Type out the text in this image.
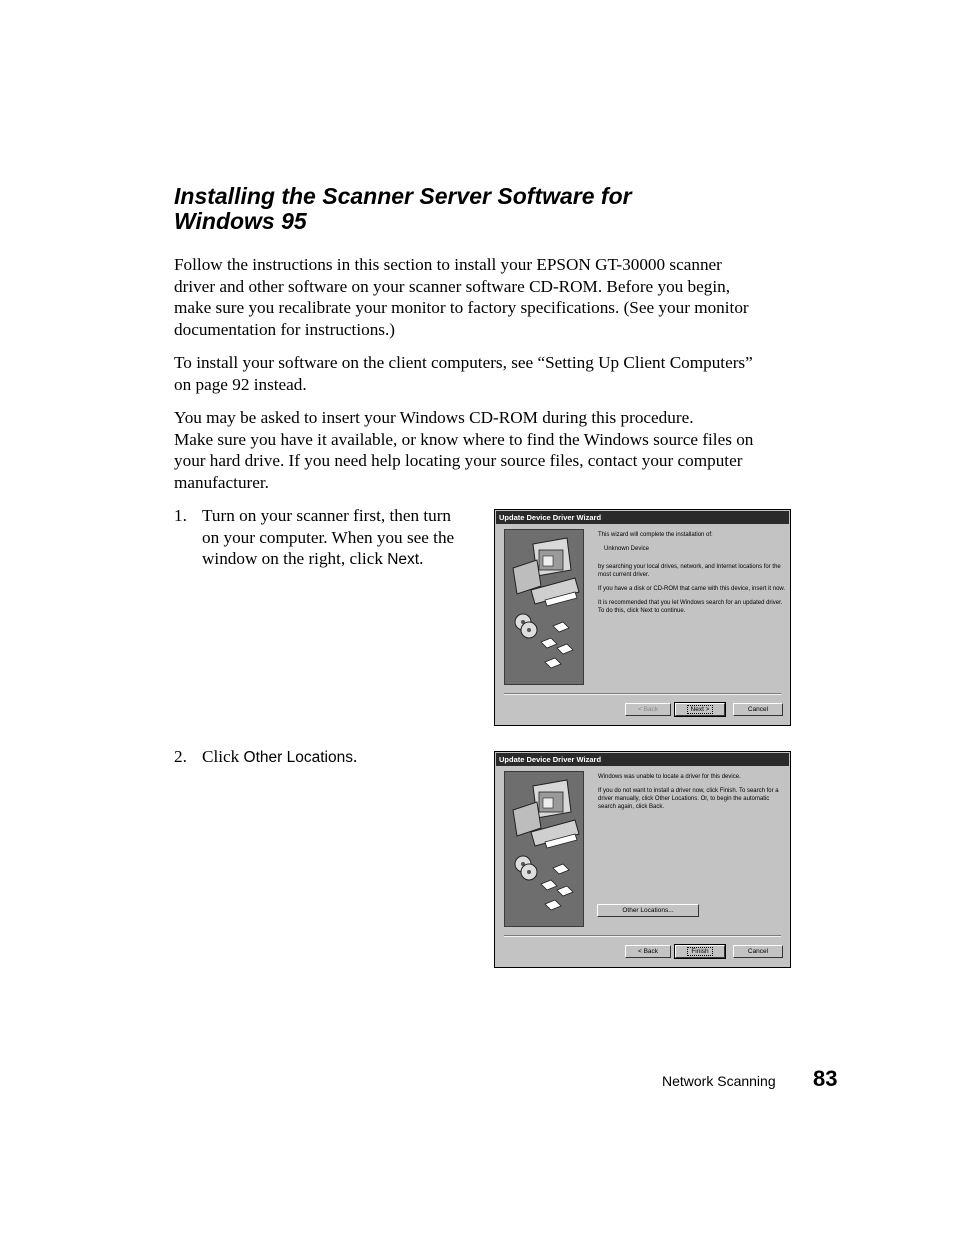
Installing the Scanner Server Software for
Windows 95
Follow the instructions in this section to install your EPSON GT-30000 scanner
driver and other software on your scanner software CD-ROM. Before you begin,
make sure you recalibrate your monitor to factory specifications. (See your monitor
documentation for instructions.)
To install your software on the client computers, see “Setting Up Client Computers”
on page 92 instead.
You may be asked to insert your Windows CD-ROM during this procedure.
Make sure you have it available, or know where to find the Windows source files on
your hard drive. If you need help locating your source files, contact your computer
manufacturer.
1. Turn on your scanner first, then turn
on your computer. When you see the
window on the right, click Next.
2. Click Other Locations.
Update Device Driver Wizard

This wizard will complete the installation of:

Unknown Device

by searching your local drives, network, and Internet locations for the most current driver.

If you have a disk or CD-ROM that came with this device, insert it now.

It is recommended that you let Windows search for an updated driver. To do this, click Next to continue.

< Back	Next >	Cancel
Update Device Driver Wizard

Windows was unable to locate a driver for this device.

If you do not want to install a driver now, click Finish. To search for a driver manually, click Other Locations. Or, to begin the automatic search again, click Back.

Other Locations...
< Back	Finish	Cancel
Network Scanning 83
